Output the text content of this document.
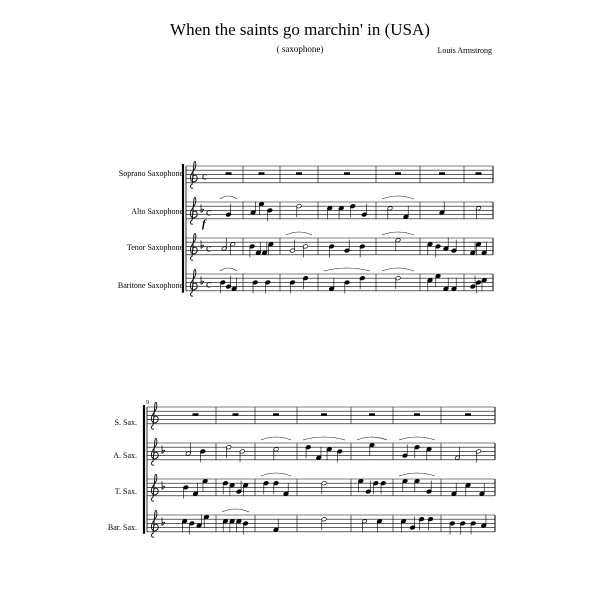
When the saints go marchin' in (USA)
( saxophone)	Louis Armstrong
Soprano Saxophone
Alto Saxophone
Tenor Saxophone
Baritone Saxophone
S. Sax.
A. Sax.
T. Sax.
Bar. Sax.
c
c
c
c
9
f
